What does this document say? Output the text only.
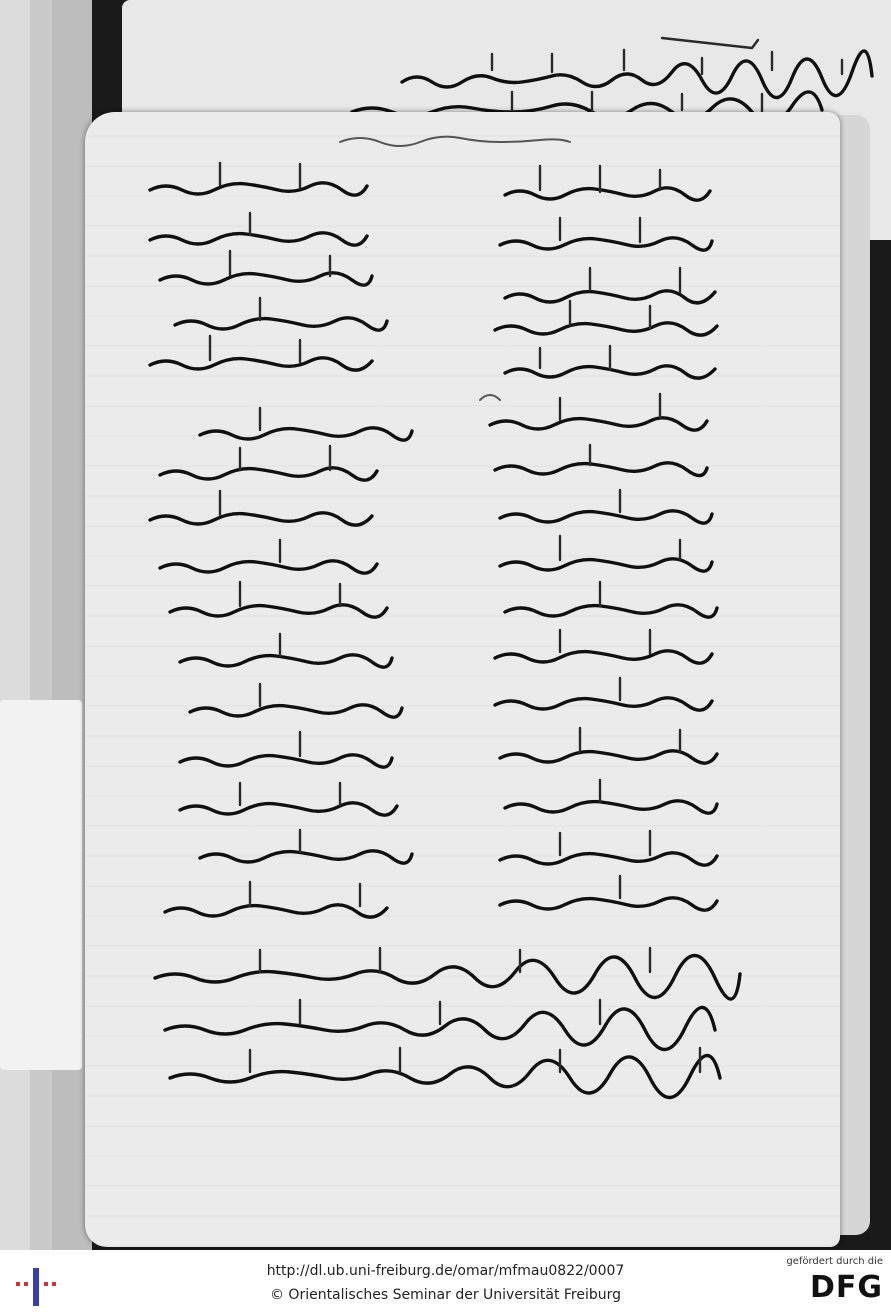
http://dl.ub.uni-freiburg.de/omar/mfmau0822/0007
© Orientalisches Seminar der Universität Freiburg
gefördert durch die
DFG
